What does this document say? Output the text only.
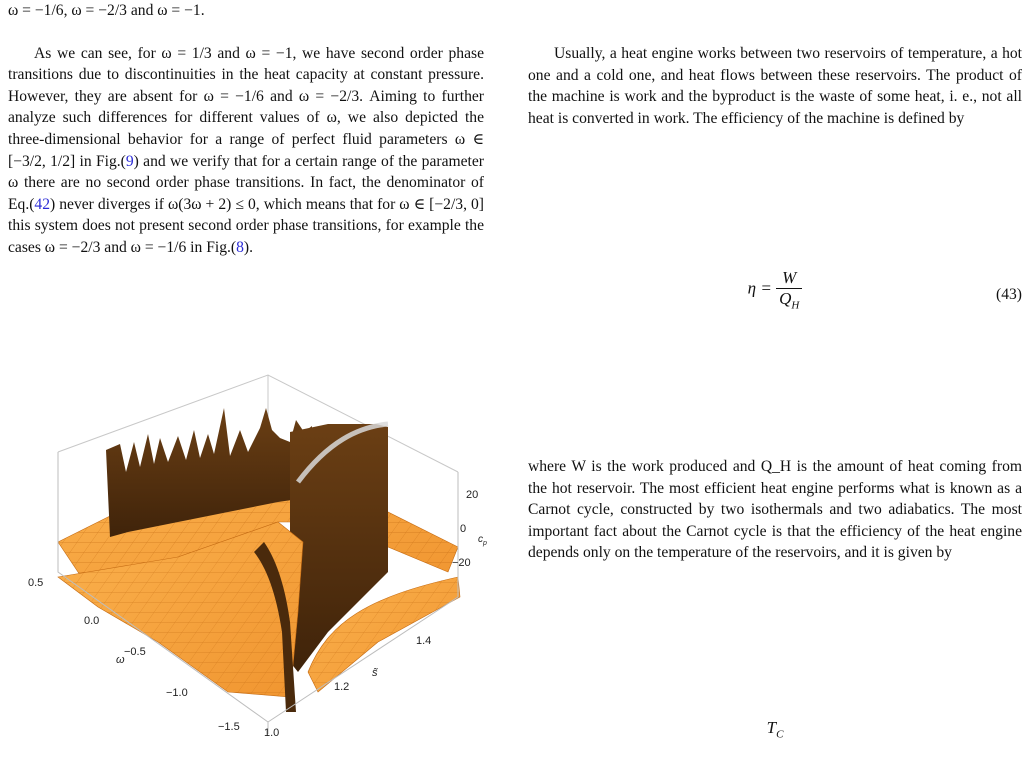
ω = −1/6, ω = −2/3 and ω = −1.

As we can see, for ω = 1/3 and ω = −1, we have second order phase transitions due to discontinuities in the heat capacity at constant pressure. However, they are absent for ω = −1/6 and ω = −2/3. Aiming to further analyze such differences for different values of ω, we also depicted the three-dimensional behavior for a range of perfect fluid parameters ω ∈ [−3/2, 1/2] in Fig.(9) and we verify that for a certain range of the parameter ω there are no second order phase transitions. In fact, the denominator of Eq.(42) never diverges if ω(3ω + 2) ≤ 0, which means that for ω ∈ [−2/3, 0] this system does not present second order phase transitions, for example the cases ω = −2/3 and ω = −1/6 in Fig.(8).

0.5
0.0
−0.5
ω
−1.0
−1.5 1.0
1.2
s̃
1.4
20
0
$c_p$
−20

Usually, a heat engine works between two reservoirs of temperature, a hot one and a cold one, and heat flows between these reservoirs. The product of the machine is work and the byproduct is the waste of some heat, i. e., not all heat is converted in work. The efficiency of the machine is defined by

$\eta = \frac{W}{Q_H}$	(43)

where W is the work produced and Q_H is the amount of heat coming from the hot reservoir. The most efficient heat engine performs what is known as a Carnot cycle, constructed by two isothermals and two adiabatics. The most important fact about the Carnot cycle is that the efficiency of the heat engine depends only on the temperature of the reservoirs, and it is given by

$T_C$
